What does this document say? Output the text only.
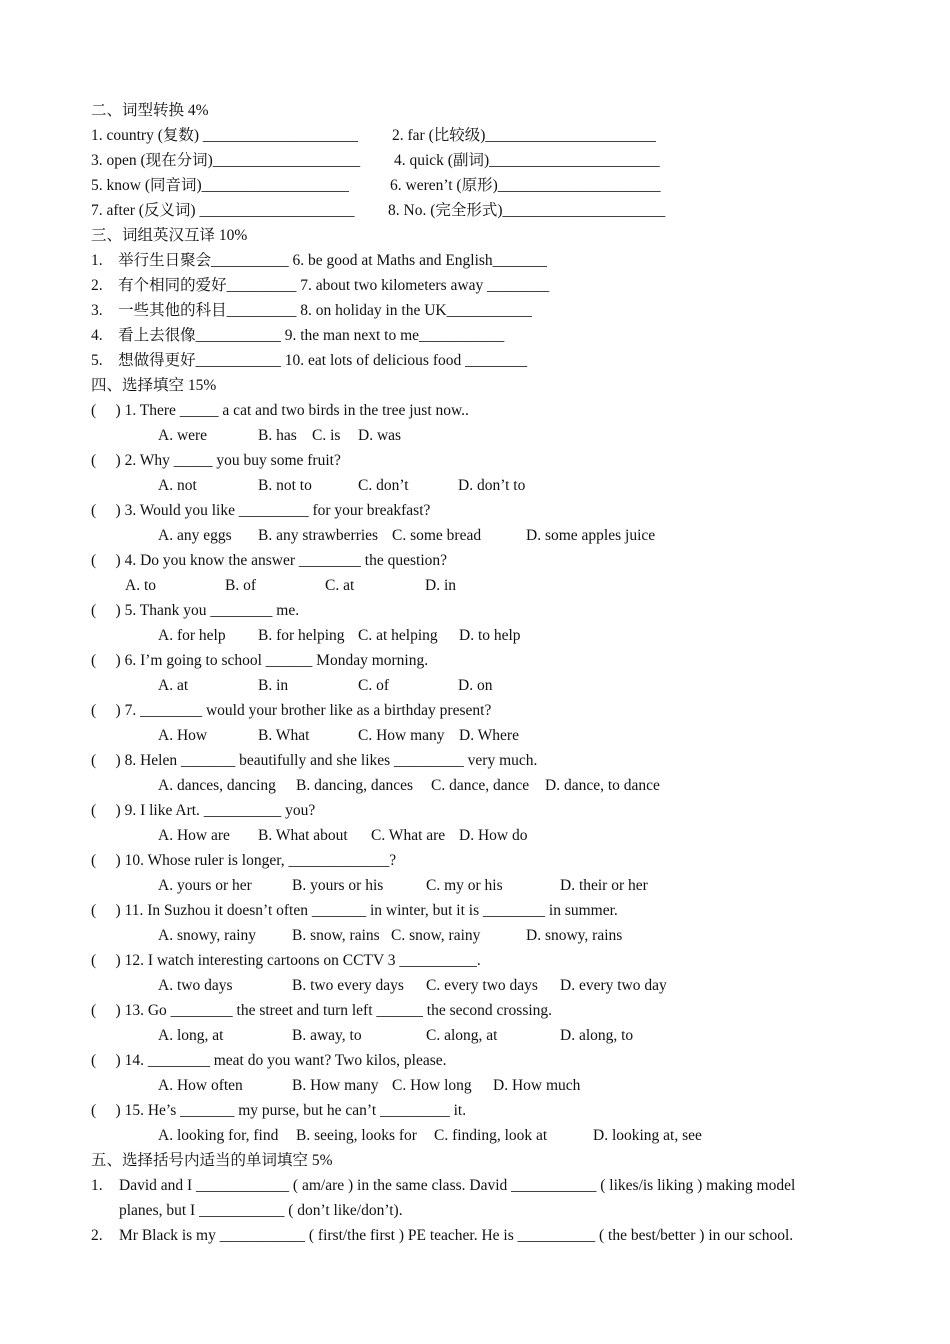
二、词型转换 4%
1. country (复数) ____________________ 2. far (比较级)______________________
3. open (现在分词)___________________ 4. quick (副词)______________________
5. know (同音词)___________________	6. weren’t (原形)_____________________
7. after (反义词) ____________________ 8. No. (完全形式)_____________________
三、词组英汉互译 10%
1.    举行生日聚会__________ 6. be good at Maths and English_______
2.    有个相同的爱好_________ 7. about two kilometers away ________
3.    一些其他的科目_________ 8. on holiday in the UK___________
4.    看上去很像___________ 9. the man next to me___________
5.    想做得更好___________ 10. eat lots of delicious food ________
四、选择填空 15%
(     ) 1. There _____ a cat and two birds in the tree just now..
A. were	B. has C. is D. was
(     ) 2. Why _____ you buy some fruit?
A. not	B. not to	C. don’t	D. don’t to
(     ) 3. Would you like _________ for your breakfast?
A. any eggs B. any strawberries C. some bread	D. some apples juice
(     ) 4. Do you know the answer ________ the question?
A. to	B. of	C. at	D. in
(     ) 5. Thank you ________ me.
A. for help B. for helping C. at helping D. to help
(     ) 6. I’m going to school ______ Monday morning.
A. at	B. in	C. of	D. on
(     ) 7. ________ would your brother like as a birthday present?
A. How	B. What	C. How many D. Where
(     ) 8. Helen _______ beautifully and she likes _________ very much.
A. dances, dancing B. dancing, dances C. dance, dance D. dance, to dance
(     ) 9. I like Art. __________ you?
A. How are B. What about C. What are D. How do
(     ) 10. Whose ruler is longer, _____________?
A. yours or her	B. yours or his	C. my or his	D. their or her
(     ) 11. In Suzhou it doesn’t often _______ in winter, but it is ________ in summer.
A. snowy, rainy B. snow, rains C. snow, rainy	D. snowy, rains
(     ) 12. I watch interesting cartoons on CCTV 3 __________.
A. two days	B. two every days C. every two days D. every two day
(     ) 13. Go ________ the street and turn left ______ the second crossing.
A. long, at	B. away, to	C. along, at	D. along, to
(     ) 14. ________ meat do you want? Two kilos, please.
A. How often	B. How many C. How long D. How much
(     ) 15. He’s _______ my purse, but he can’t _________ it.
A. looking for, find B. seeing, looks for C. finding, look at	D. looking at, see
五、选择括号内适当的单词填空 5%
1. David and I ____________ ( am/are ) in the same class. David ___________ ( likes/is liking ) making model
planes, but I ___________ ( don’t like/don’t).
2. Mr Black is my ___________ ( first/the first ) PE teacher. He is __________ ( the best/better ) in our school.
